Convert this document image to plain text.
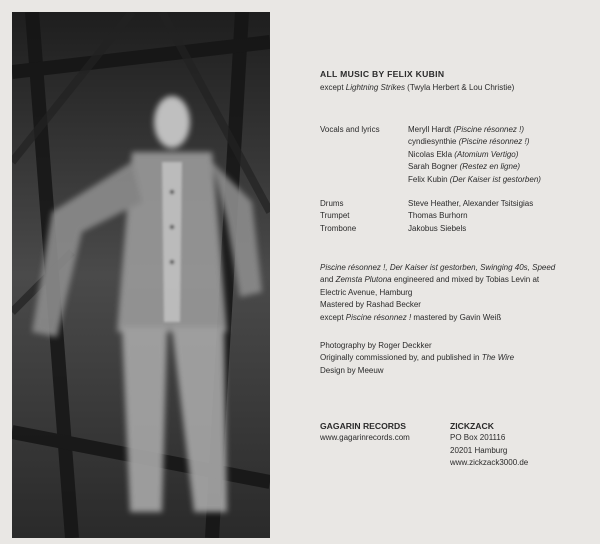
ALL MUSIC BY FELIX KUBIN
except Lightning Strikes (Twyla Herbert & Lou Christie)
Vocals and lyrics	Meryll Hardt (Piscine résonnez !)
cyndiesynthie (Piscine résonnez !)
Nicolas Ekla (Atomium Vertigo)
Sarah Bogner (Restez en ligne)
Felix Kubin (Der Kaiser ist gestorben)
Drums	Steve Heather, Alexander Tsitsigias
Trumpet	Thomas Burhorn
Trombone	Jakobus Siebels
Piscine résonnez !, Der Kaiser ist gestorben, Swinging 40s, Speed
and Zemsta Plutona engineered and mixed by Tobias Levin at
Electric Avenue, Hamburg
Mastered by Rashad Becker
except Piscine résonnez ! mastered by Gavin Weiß
Photography by Roger Deckker
Originally commissioned by, and published in The Wire
Design by Meeuw
GAGARIN RECORDS
www.gagarinrecords.com
ZICKZACK
PO Box 201116
20201 Hamburg
www.zickzack3000.de
